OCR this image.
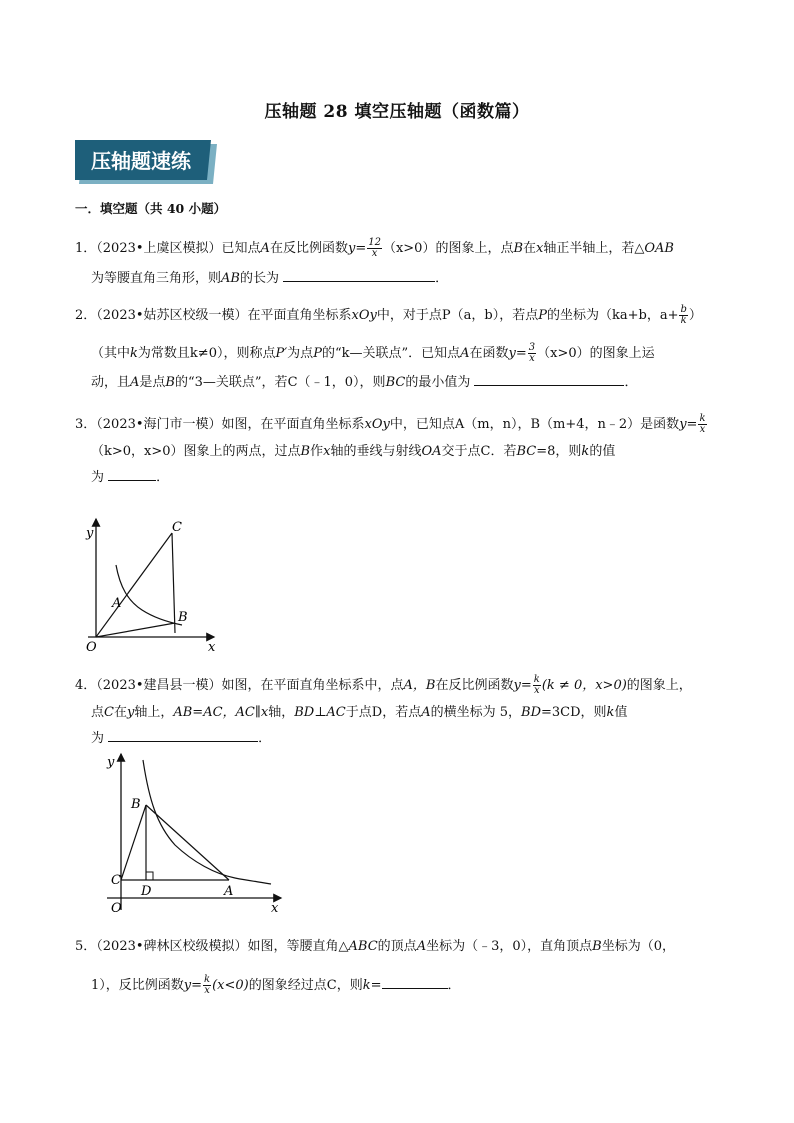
压轴题 28 填空压轴题（函数篇）
压轴题速练
一．填空题（共 40 小题）
1．（2023•上虞区模拟）已知点A在反比例函数$y= \frac{12}{x} (x>0)$的图象上，点B在x轴正半轴上，若△OAB
为等腰直角三角形，则AB的长为	．
2．（2023•姑苏区校级一模）在平面直角坐标系xOy中，对于点P（a，b），若点P的坐标为（ka+b，$a+ \frac{b}{k}$ ）
（其中k为常数且k≠0），则称点P′为点P的“k—关联点”．已知点A在函数$y= \frac{3}{x} (x>0)$的图象上运
动，且A是点B的“3—关联点”，若C（﹣1，0），则BC的最小值为	．
3．（2023•海门市一模）如图，在平面直角坐标系xOy中，已知点A（m，n），B（m+4，n﹣2）是函数$y= \frac{k}{x}$
（k>0，x>0）图象上的两点，过点B作x轴的垂线与射线OA交于点C．若BC=8，则k的值
为	．
y
x
O
A
B
C
4．（2023•建昌县一模）如图，在平面直角坐标系中，点A，B在反比例函数$y= \frac{k}{x} (k \ne 0$，x>0)的图象上，
点C在y轴上，AB=AC，AC∥x轴，BD⊥AC于点D，若点A的横坐标为 5，BD=3CD，则k值
为	．
y
x
O
C
B
D	A
5．（2023•碑林区校级模拟）如图，等腰直角△ABC的顶点A坐标为（﹣3，0），直角顶点B坐标为（0，
1），反比例函数$y= \frac{k}{x} (x<0)$的图象经过点C，则k=	．
